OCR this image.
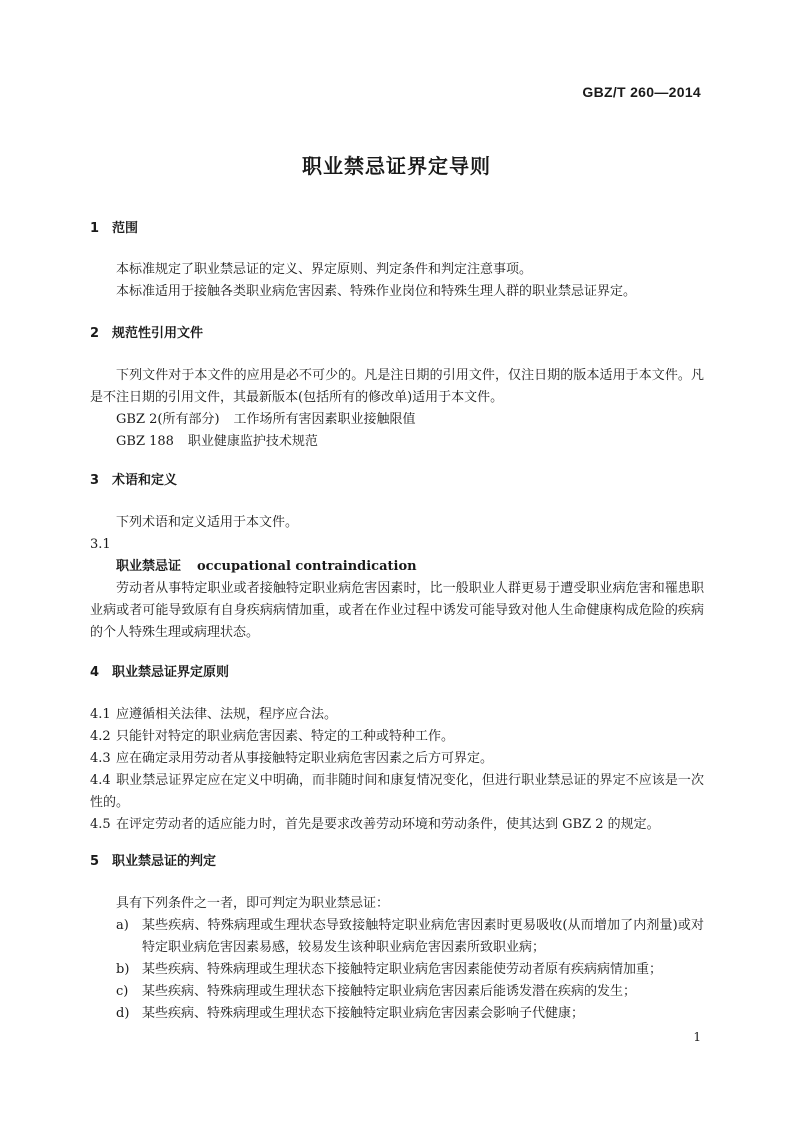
GBZ/T 260—2014
职业禁忌证界定导则
1 范围
本标准规定了职业禁忌证的定义、界定原则、判定条件和判定注意事项。
本标准适用于接触各类职业病危害因素、特殊作业岗位和特殊生理人群的职业禁忌证界定。
2 规范性引用文件
下列文件对于本文件的应用是必不可少的。凡是注日期的引用文件，仅注日期的版本适用于本文件。凡是不注日期的引用文件，其最新版本(包括所有的修改单)适用于本文件。
GBZ 2(所有部分) 工作场所有害因素职业接触限值
GBZ 188 职业健康监护技术规范
3 术语和定义
下列术语和定义适用于本文件。
3.1
职业禁忌证 occupational contraindication
劳动者从事特定职业或者接触特定职业病危害因素时，比一般职业人群更易于遭受职业病危害和罹患职业病或者可能导致原有自身疾病病情加重，或者在作业过程中诱发可能导致对他人生命健康构成危险的疾病的个人特殊生理或病理状态。
4 职业禁忌证界定原则
4.1 应遵循相关法律、法规，程序应合法。
4.2 只能针对特定的职业病危害因素、特定的工种或特种工作。
4.3 应在确定录用劳动者从事接触特定职业病危害因素之后方可界定。
4.4 职业禁忌证界定应在定义中明确，而非随时间和康复情况变化，但进行职业禁忌证的界定不应该是一次性的。
4.5 在评定劳动者的适应能力时，首先是要求改善劳动环境和劳动条件，使其达到 GBZ 2 的规定。
5 职业禁忌证的判定
具有下列条件之一者，即可判定为职业禁忌证：
a) 某些疾病、特殊病理或生理状态导致接触特定职业病危害因素时更易吸收(从而增加了内剂量)或对特定职业病危害因素易感，较易发生该种职业病危害因素所致职业病；
b) 某些疾病、特殊病理或生理状态下接触特定职业病危害因素能使劳动者原有疾病病情加重；
c) 某些疾病、特殊病理或生理状态下接触特定职业病危害因素后能诱发潜在疾病的发生；
d) 某些疾病、特殊病理或生理状态下接触特定职业病危害因素会影响子代健康；
1
